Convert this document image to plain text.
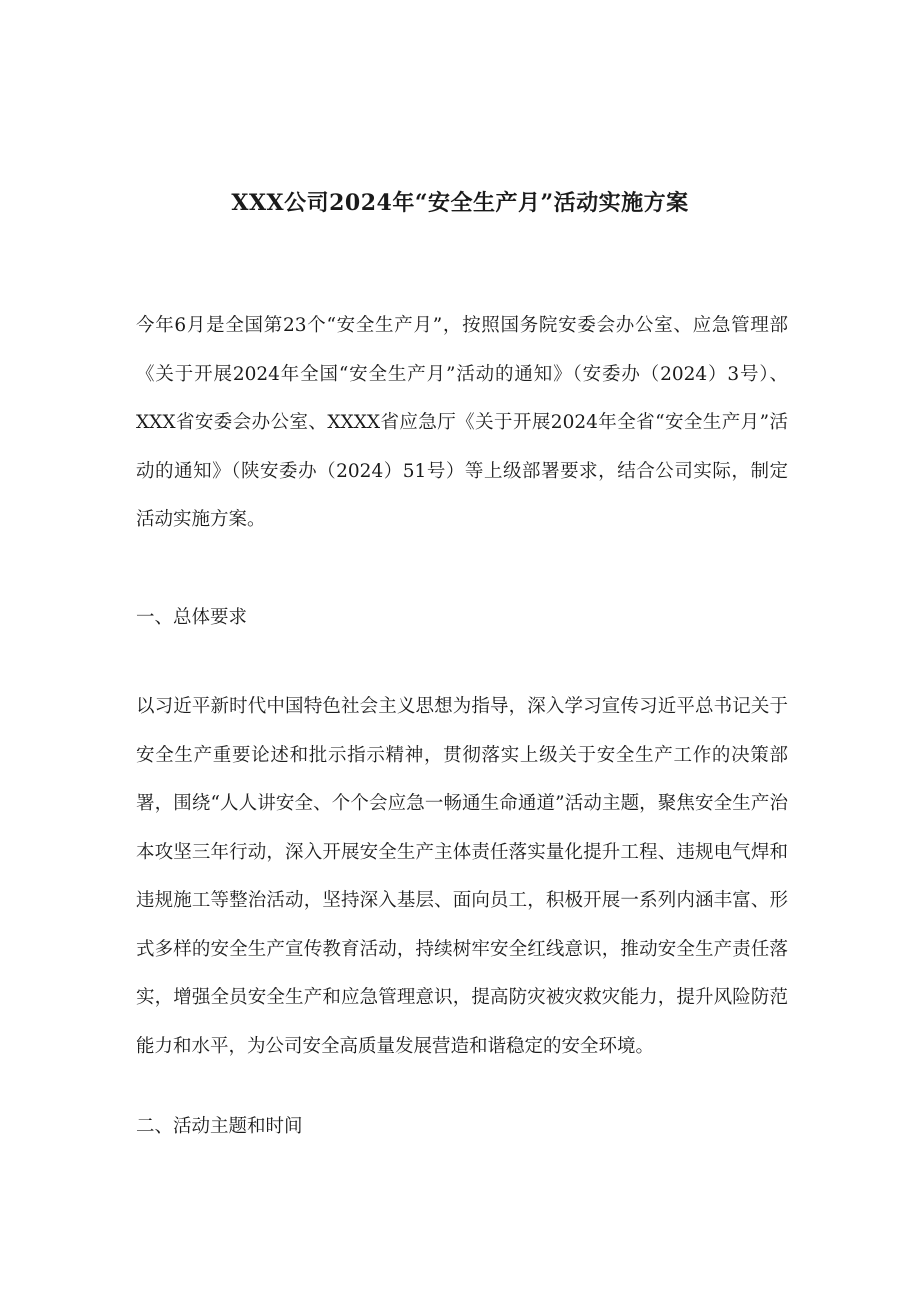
XXX公司2024年“安全生产月”活动实施方案

今年6月是全国第23个“安全生产月”，按照国务院安委会办公室、应急管理部《关于开展2024年全国“安全生产月”活动的通知》（安委办（2024）3号）、XXX省安委会办公室、XXXX省应急厅《关于开展2024年全省“安全生产月”活动的通知》（陕安委办（2024）51号）等上级部署要求，结合公司实际，制定活动实施方案。

一、总体要求

以习近平新时代中国特色社会主义思想为指导，深入学习宣传习近平总书记关于安全生产重要论述和批示指示精神，贯彻落实上级关于安全生产工作的决策部署，围绕“人人讲安全、个个会应急一畅通生命通道”活动主题，聚焦安全生产治本攻坚三年行动，深入开展安全生产主体责任落实量化提升工程、违规电气焊和违规施工等整治活动，坚持深入基层、面向员工，积极开展一系列内涵丰富、形式多样的安全生产宣传教育活动，持续树牢安全红线意识，推动安全生产责任落实，增强全员安全生产和应急管理意识，提高防灾被灾救灾能力，提升风险防范能力和水平，为公司安全高质量发展营造和谐稳定的安全环境。

二、活动主题和时间
